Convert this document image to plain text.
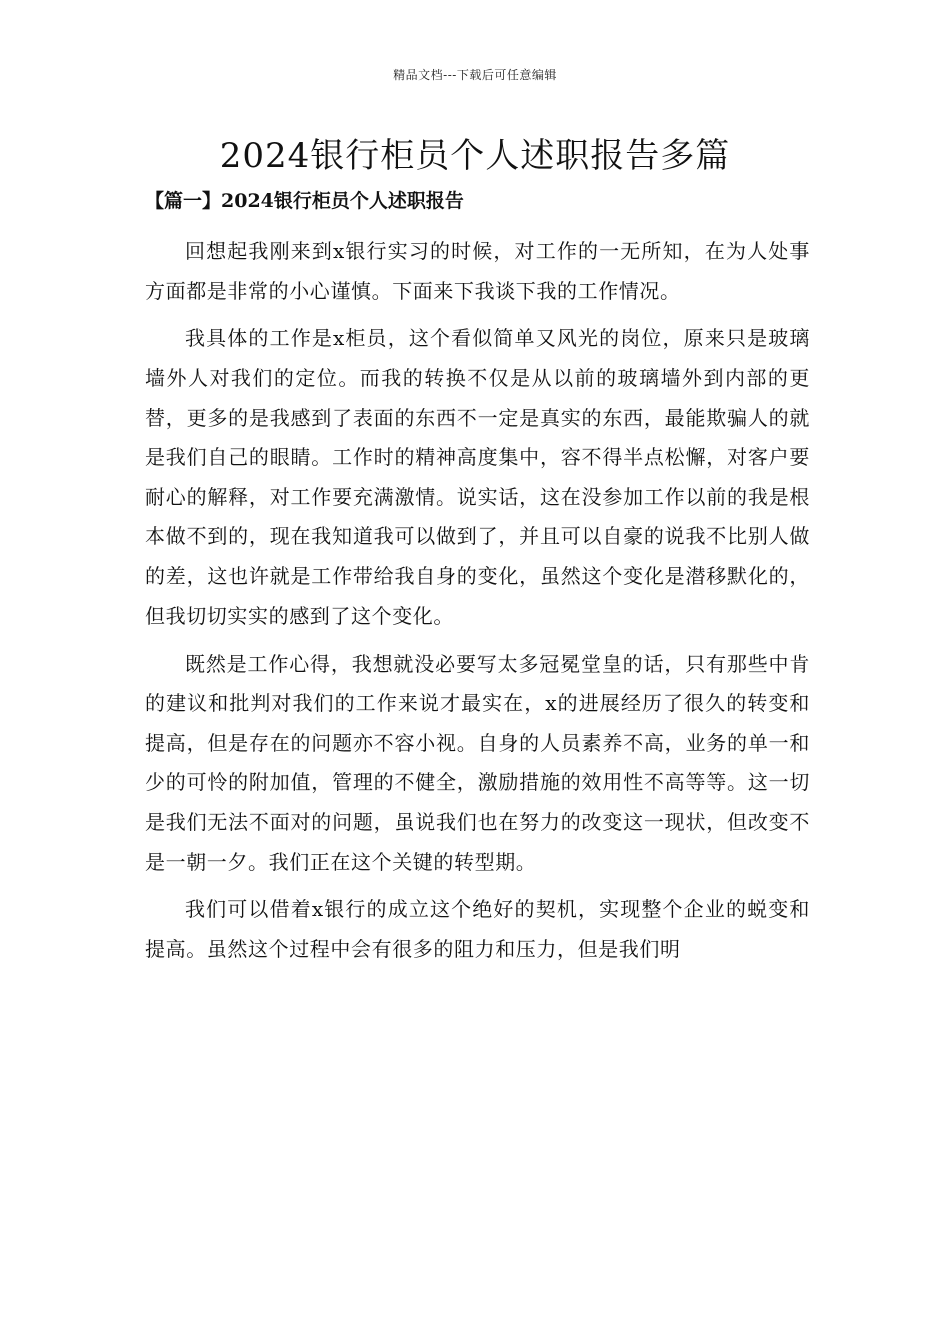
精品文档---下载后可任意编辑
2024银行柜员个人述职报告多篇
【篇一】2024银行柜员个人述职报告

回想起我刚来到x银行实习的时候，对工作的一无所知，在为人处事方面都是非常的小心谨慎。下面来下我谈下我的工作情况。

我具体的工作是x柜员，这个看似简单又风光的岗位，原来只是玻璃墙外人对我们的定位。而我的转换不仅是从以前的玻璃墙外到内部的更替，更多的是我感到了表面的东西不一定是真实的东西，最能欺骗人的就是我们自己的眼睛。工作时的精神高度集中，容不得半点松懈，对客户要耐心的解释，对工作要充满激情。说实话，这在没参加工作以前的我是根本做不到的，现在我知道我可以做到了，并且可以自豪的说我不比别人做的差，这也许就是工作带给我自身的变化，虽然这个变化是潜移默化的，但我切切实实的感到了这个变化。

既然是工作心得，我想就没必要写太多冠冕堂皇的话，只有那些中肯的建议和批判对我们的工作来说才最实在，x的进展经历了很久的转变和提高，但是存在的问题亦不容小视。自身的人员素养不高，业务的单一和少的可怜的附加值，管理的不健全，激励措施的效用性不高等等。这一切是我们无法不面对的问题，虽说我们也在努力的改变这一现状，但改变不是一朝一夕。我们正在这个关键的转型期。

我们可以借着x银行的成立这个绝好的契机，实现整个企业的蜕变和提高。虽然这个过程中会有很多的阻力和压力，但是我们明
